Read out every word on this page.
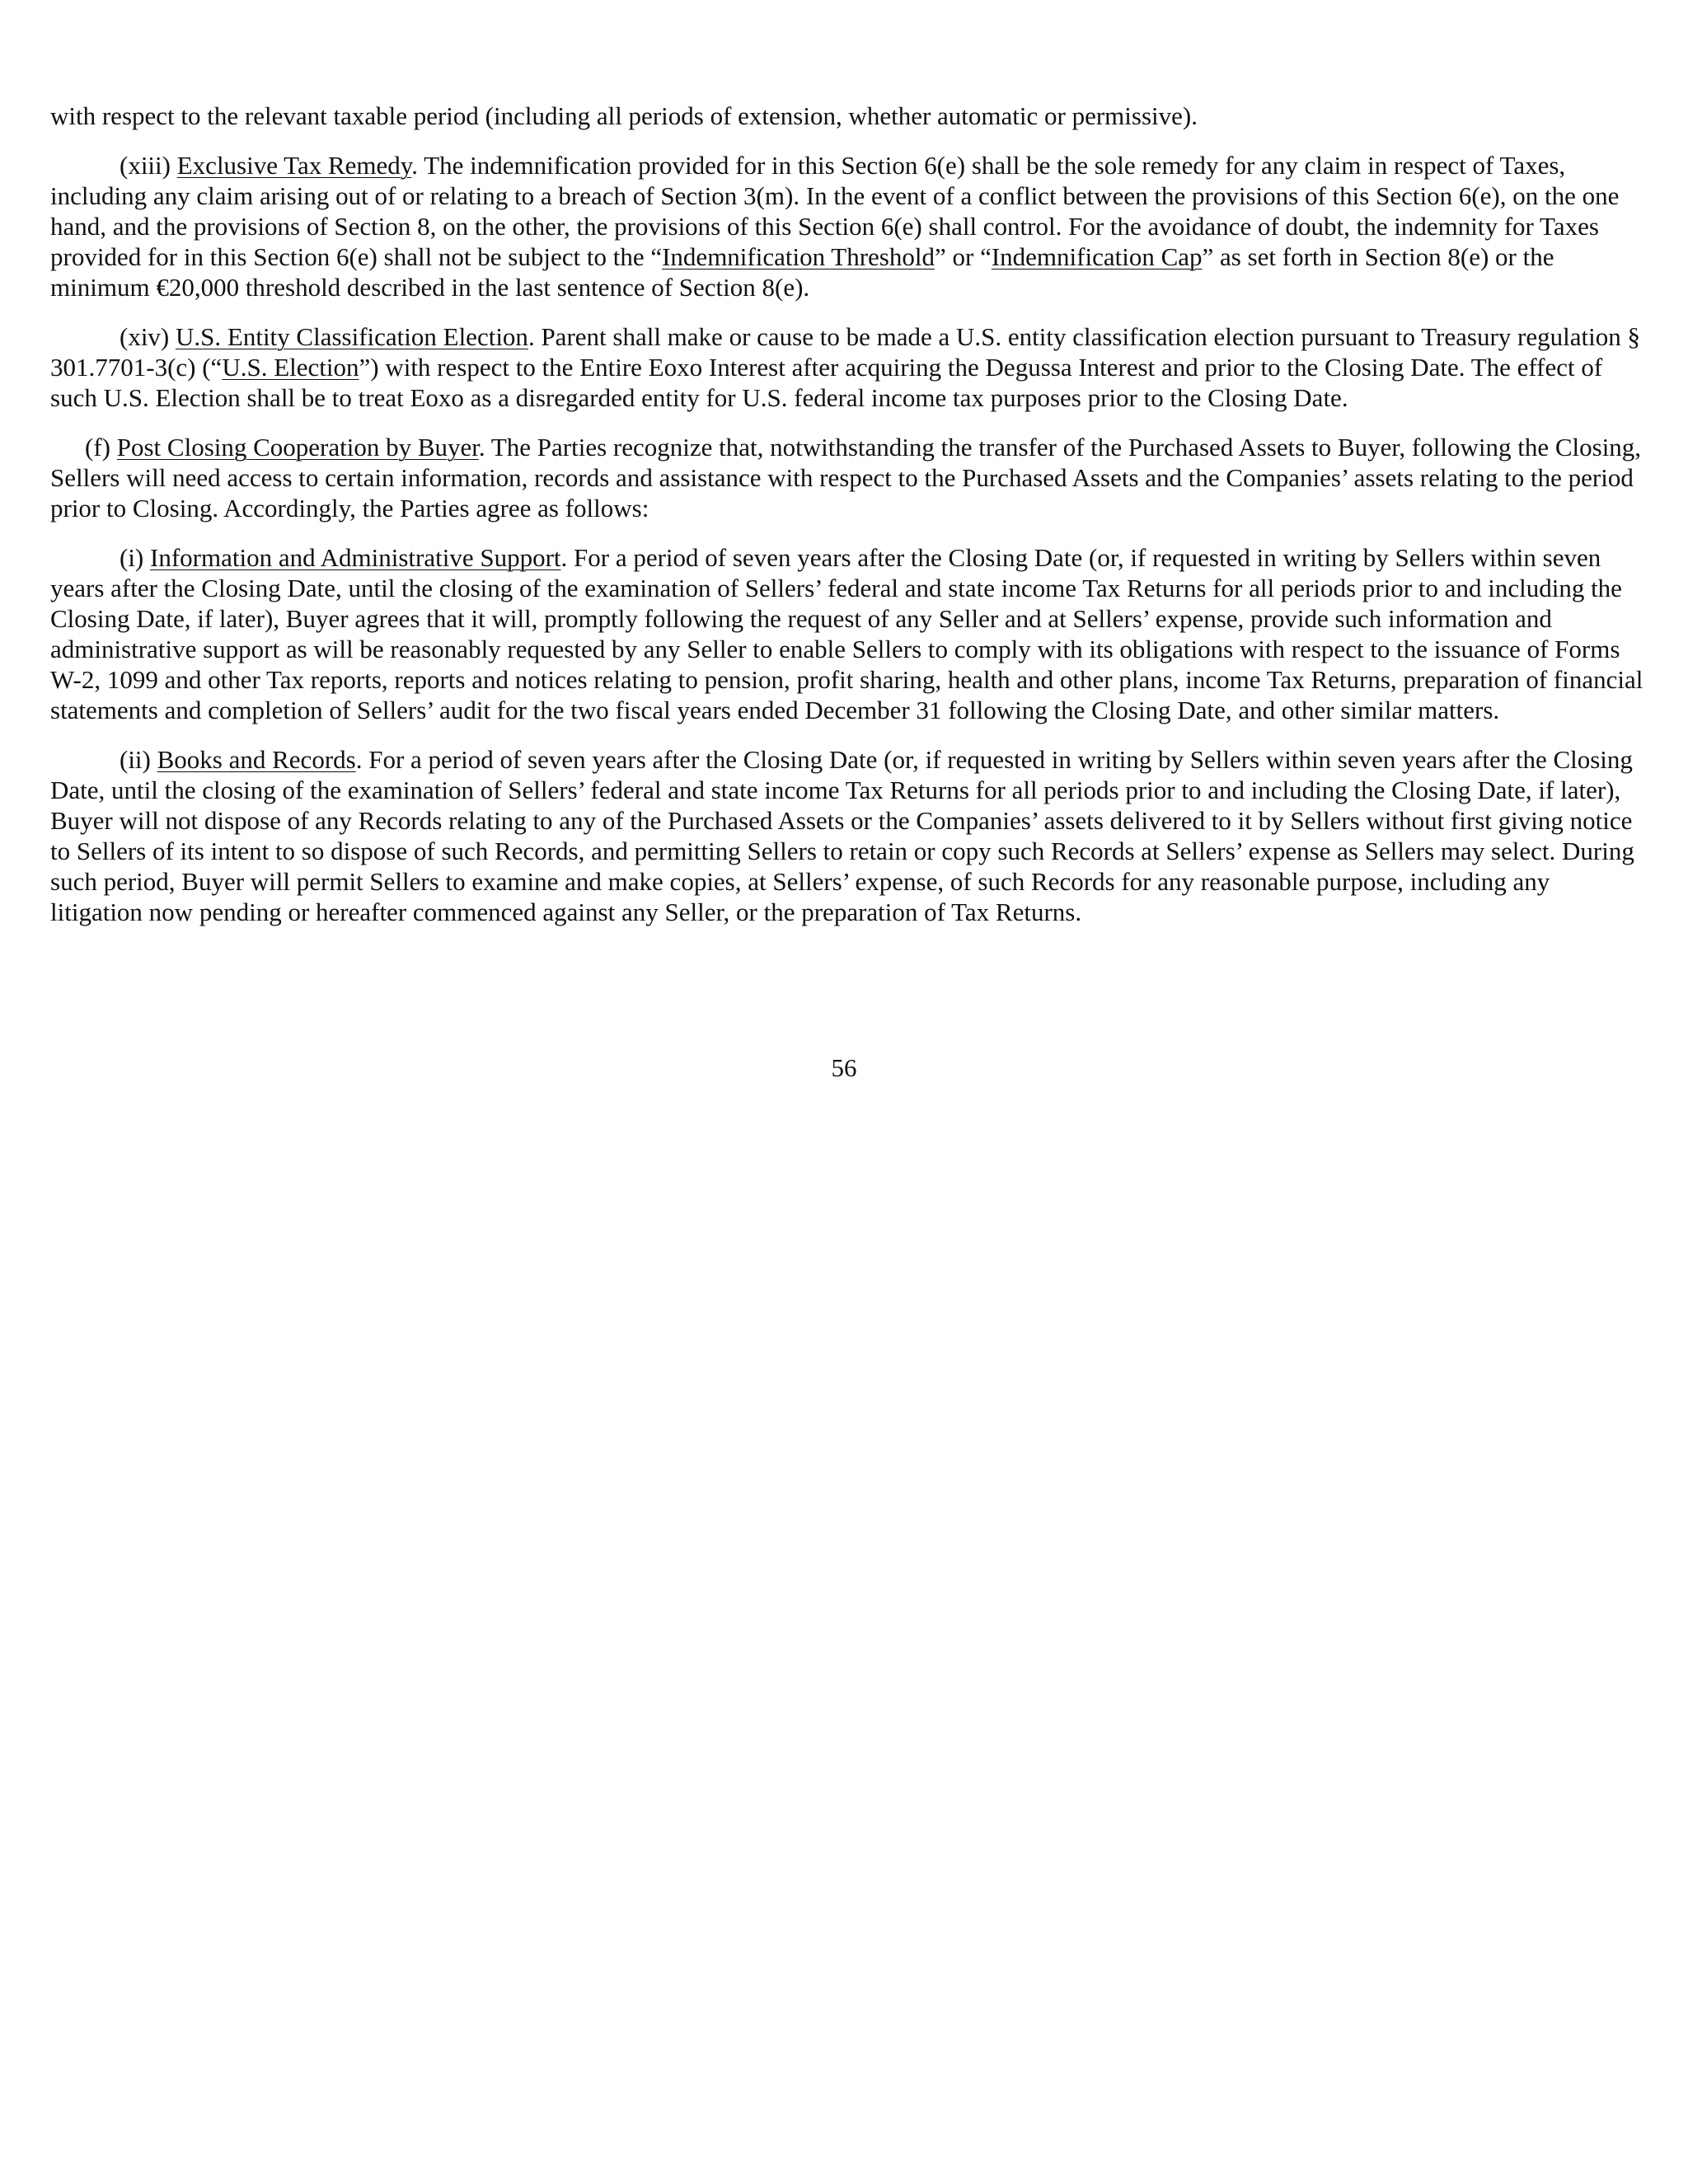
with respect to the relevant taxable period (including all periods of extension, whether automatic or permissive).

(xiii) Exclusive Tax Remedy. The indemnification provided for in this Section 6(e) shall be the sole remedy for any claim in respect of Taxes, including any claim arising out of or relating to a breach of Section 3(m). In the event of a conflict between the provisions of this Section 6(e), on the one hand, and the provisions of Section 8, on the other, the provisions of this Section 6(e) shall control. For the avoidance of doubt, the indemnity for Taxes provided for in this Section 6(e) shall not be subject to the “Indemnification Threshold” or “Indemnification Cap” as set forth in Section 8(e) or the minimum €20,000 threshold described in the last sentence of Section 8(e).

(xiv) U.S. Entity Classification Election. Parent shall make or cause to be made a U.S. entity classification election pursuant to Treasury regulation § 301.7701-3(c) (“U.S. Election”) with respect to the Entire Eoxo Interest after acquiring the Degussa Interest and prior to the Closing Date. The effect of such U.S. Election shall be to treat Eoxo as a disregarded entity for U.S. federal income tax purposes prior to the Closing Date.

(f) Post Closing Cooperation by Buyer. The Parties recognize that, notwithstanding the transfer of the Purchased Assets to Buyer, following the Closing, Sellers will need access to certain information, records and assistance with respect to the Purchased Assets and the Companies’ assets relating to the period prior to Closing. Accordingly, the Parties agree as follows:

(i) Information and Administrative Support. For a period of seven years after the Closing Date (or, if requested in writing by Sellers within seven years after the Closing Date, until the closing of the examination of Sellers’ federal and state income Tax Returns for all periods prior to and including the Closing Date, if later), Buyer agrees that it will, promptly following the request of any Seller and at Sellers’ expense, provide such information and administrative support as will be reasonably requested by any Seller to enable Sellers to comply with its obligations with respect to the issuance of Forms W-2, 1099 and other Tax reports, reports and notices relating to pension, profit sharing, health and other plans, income Tax Returns, preparation of financial statements and completion of Sellers’ audit for the two fiscal years ended December 31 following the Closing Date, and other similar matters.

(ii) Books and Records. For a period of seven years after the Closing Date (or, if requested in writing by Sellers within seven years after the Closing Date, until the closing of the examination of Sellers’ federal and state income Tax Returns for all periods prior to and including the Closing Date, if later), Buyer will not dispose of any Records relating to any of the Purchased Assets or the Companies’ assets delivered to it by Sellers without first giving notice to Sellers of its intent to so dispose of such Records, and permitting Sellers to retain or copy such Records at Sellers’ expense as Sellers may select. During such period, Buyer will permit Sellers to examine and make copies, at Sellers’ expense, of such Records for any reasonable purpose, including any litigation now pending or hereafter commenced against any Seller, or the preparation of Tax Returns.

56
